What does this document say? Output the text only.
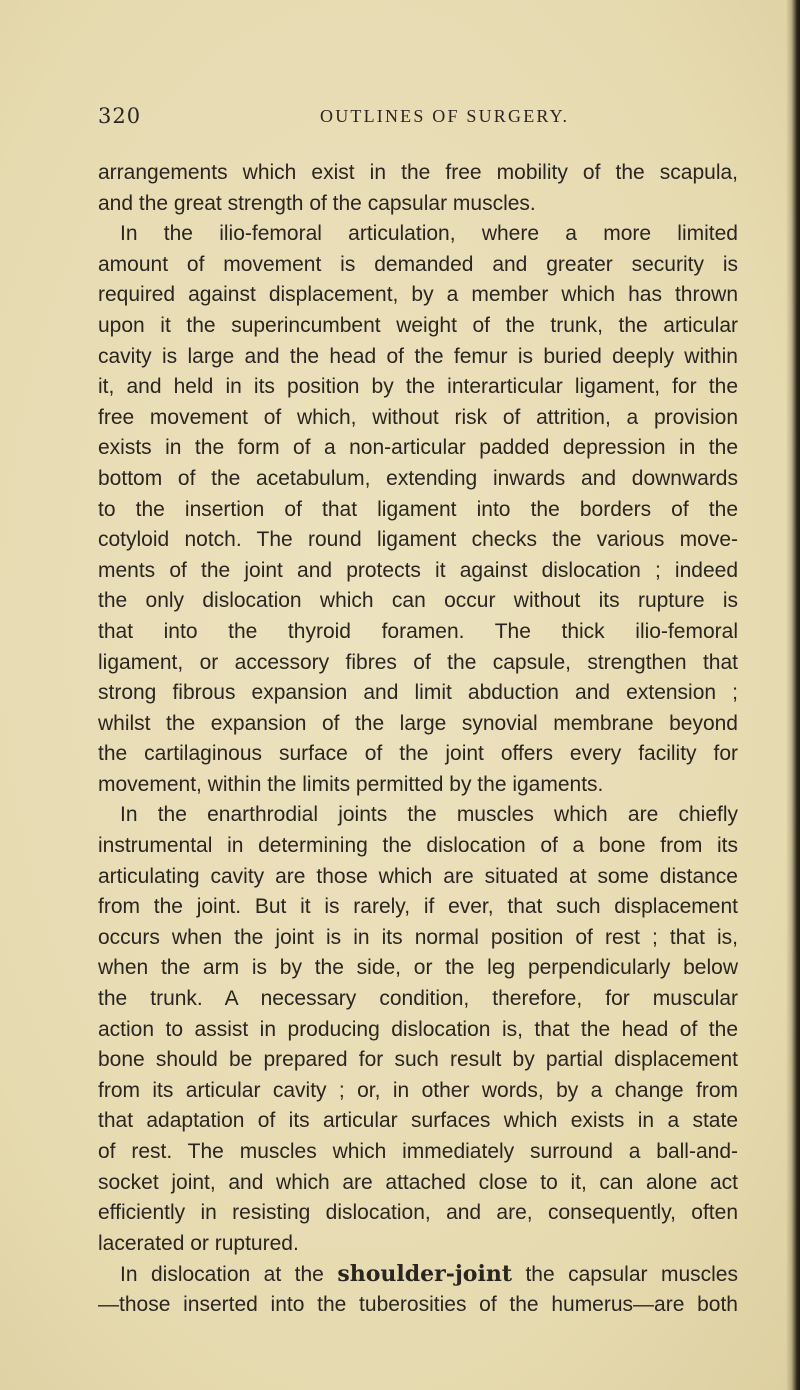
320	OUTLINES OF SURGERY.
arrangements which exist in the free mobility of the scapula,
and the great strength of the capsular muscles.
In the ilio-femoral articulation, where a more limited
amount of movement is demanded and greater security is
required against displacement, by a member which has thrown
upon it the superincumbent weight of the trunk, the articular
cavity is large and the head of the femur is buried deeply within
it, and held in its position by the interarticular ligament, for the
free movement of which, without risk of attrition, a provision
exists in the form of a non-articular padded depression in the
bottom of the acetabulum, extending inwards and downwards
to the insertion of that ligament into the borders of the
cotyloid notch. The round ligament checks the various move-
ments of the joint and protects it against dislocation ; indeed
the only dislocation which can occur without its rupture is
that into the thyroid foramen. The thick ilio-femoral
ligament, or accessory fibres of the capsule, strengthen that
strong fibrous expansion and limit abduction and extension ;
whilst the expansion of the large synovial membrane beyond
the cartilaginous surface of the joint offers every facility for
movement, within the limits permitted by the igaments.
In the enarthrodial joints the muscles which are chiefly
instrumental in determining the dislocation of a bone from its
articulating cavity are those which are situated at some distance
from the joint. But it is rarely, if ever, that such displacement
occurs when the joint is in its normal position of rest ; that is,
when the arm is by the side, or the leg perpendicularly below
the trunk. A necessary condition, therefore, for muscular
action to assist in producing dislocation is, that the head of the
bone should be prepared for such result by partial displacement
from its articular cavity ; or, in other words, by a change from
that adaptation of its articular surfaces which exists in a state
of rest. The muscles which immediately surround a ball-and-
socket joint, and which are attached close to it, can alone act
efficiently in resisting dislocation, and are, consequently, often
lacerated or ruptured.
In dislocation at the shoulder-joint the capsular muscles
—those inserted into the tuberosities of the humerus—are both
